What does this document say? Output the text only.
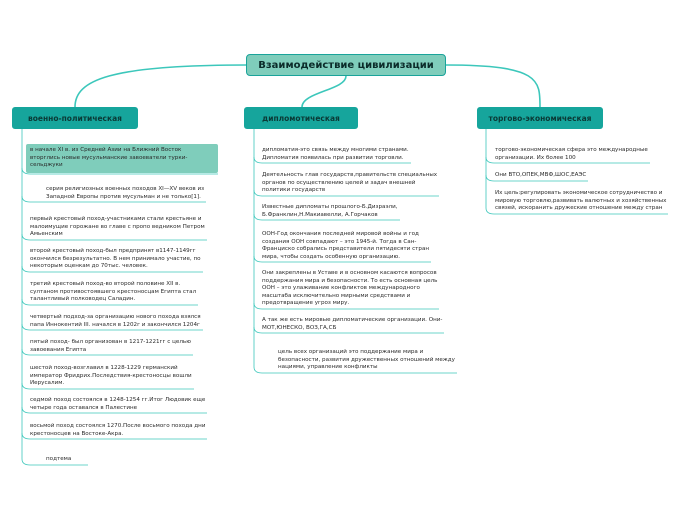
Взаимодействие цивилизации
военно-политическая	дипломотическая	торгово-экономическая
в начале XI в. из Средней Азии на Ближний Восток
вторглись новые мусульманские завоеватели турки-
сельджуки
серия религиозных военных походов XI—XV веков из
Западной Европы против мусульман и не только[1].
первый крестовый поход-участниками стали крестьяне и
малоимущие горожане во главе с пропо ведником Петром
Амьенским
второй крестовый поход-был предпринят в1147-1149гг
окончился безрезультатно. В нем принимало участие, по
некоторым оценкам до 70тыс. человек.
третий крестовый поход-во второй половине XII в.
султаном противостоявшего крестоносцам Египта стал
талантливый полководец Саладин.
четвертый подход-за организацию нового похода взялся
папа Иннокентий III. начался в 1202г и закончился 1204г
пятый поход- был организован в 1217-1221гг с целью
завоевания Египта
шестой поход-возглавил в 1228-1229 германский
император Фридрих.Последствия-крестоносцы вошли
Иерусалим.
седмой поход состоялся в 1248-1254 гг.Итог Людовик еще
четыре года оставался в Палестине
восьмой поход состоялся 1270.После восьмого похода дни
крестоносцев на Востоке-Акра.
подтема
дипломатия-это связь между многими странами.
Дипломатия появилась при развитии торговли.
Деятельность глав государств,правительств специальных
органов по осуществлению целей и задач внешней
политики государств
Известные дипломаты прошлого-Б.Дизраэли,
Б.Франклин,Н.Макиавелли, А.Горчаков
ООН-Год окончания последней мировой войны и год
создания ООН совпадают – это 1945-й. Тогда в Сан-
Франциско собрались представители пятидесяти стран
мира, чтобы создать особенную организацию.
Они закреплены в Уставе и в основном касаются вопросов
поддержания мира и безопасности. То есть основная цель
ООН – это улаживание конфликтов международного
масштаба исключительно мирными средствами и
предотвращение угроз миру.
А так же есть мировые дипломатические организации. Они-
МОТ,ЮНЕСКО, ВОЗ,ГА,СБ
цель всех организаций это поддержание мира и
безопасности, развития дружественных отношений между
нациями, управление конфликты
торгово-экономическая сфера это международные
организации. Их более 100
Они ВТО,ОПЕК,МВФ,ШОС,ЕАЭС
Их цель:регулировать экономическое сотрудничество и
мировую торговлю,развивать валютных и хозяйственных
связей, искоранить дружеские отношение между стран
